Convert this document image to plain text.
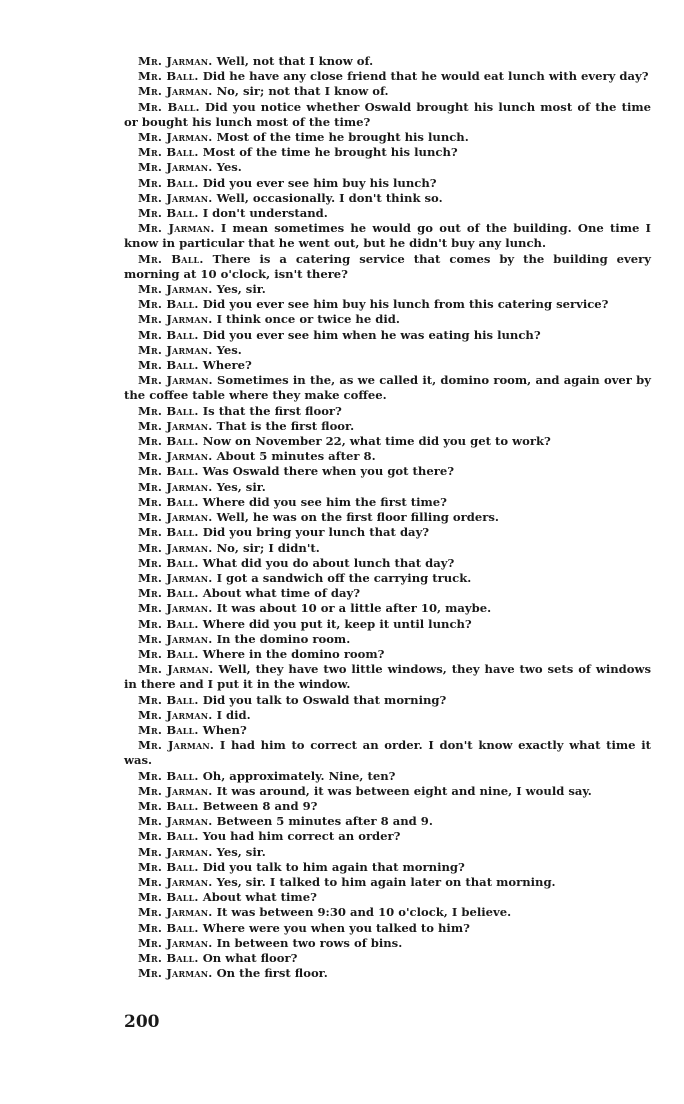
Mr. Jarman. Well, not that I know of.

Mr. Ball. Did he have any close friend that he would eat lunch with every day?

Mr. Jarman. No, sir; not that I know of.

Mr. Ball. Did you notice whether Oswald brought his lunch most of the time or bought his lunch most of the time?

Mr. Jarman. Most of the time he brought his lunch.

Mr. Ball. Most of the time he brought his lunch?

Mr. Jarman. Yes.

Mr. Ball. Did you ever see him buy his lunch?

Mr. Jarman. Well, occasionally. I don't think so.

Mr. Ball. I don't understand.

Mr. Jarman. I mean sometimes he would go out of the building. One time I know in particular that he went out, but he didn't buy any lunch.

Mr. Ball. There is a catering service that comes by the building every morning at 10 o'clock, isn't there?

Mr. Jarman. Yes, sir.

Mr. Ball. Did you ever see him buy his lunch from this catering service?

Mr. Jarman. I think once or twice he did.

Mr. Ball. Did you ever see him when he was eating his lunch?

Mr. Jarman. Yes.

Mr. Ball. Where?

Mr. Jarman. Sometimes in the, as we called it, domino room, and again over by the coffee table where they make coffee.

Mr. Ball. Is that the first floor?

Mr. Jarman. That is the first floor.

Mr. Ball. Now on November 22, what time did you get to work?

Mr. Jarman. About 5 minutes after 8.

Mr. Ball. Was Oswald there when you got there?

Mr. Jarman. Yes, sir.

Mr. Ball. Where did you see him the first time?

Mr. Jarman. Well, he was on the first floor filling orders.

Mr. Ball. Did you bring your lunch that day?

Mr. Jarman. No, sir; I didn't.

Mr. Ball. What did you do about lunch that day?

Mr. Jarman. I got a sandwich off the carrying truck.

Mr. Ball. About what time of day?

Mr. Jarman. It was about 10 or a little after 10, maybe.

Mr. Ball. Where did you put it, keep it until lunch?

Mr. Jarman. In the domino room.

Mr. Ball. Where in the domino room?

Mr. Jarman. Well, they have two little windows, they have two sets of windows in there and I put it in the window.

Mr. Ball. Did you talk to Oswald that morning?

Mr. Jarman. I did.

Mr. Ball. When?

Mr. Jarman. I had him to correct an order. I don't know exactly what time it was.

Mr. Ball. Oh, approximately. Nine, ten?

Mr. Jarman. It was around, it was between eight and nine, I would say.

Mr. Ball. Between 8 and 9?

Mr. Jarman. Between 5 minutes after 8 and 9.

Mr. Ball. You had him correct an order?

Mr. Jarman. Yes, sir.

Mr. Ball. Did you talk to him again that morning?

Mr. Jarman. Yes, sir. I talked to him again later on that morning.

Mr. Ball. About what time?

Mr. Jarman. It was between 9:30 and 10 o'clock, I believe.

Mr. Ball. Where were you when you talked to him?

Mr. Jarman. In between two rows of bins.

Mr. Ball. On what floor?

Mr. Jarman. On the first floor.

200
